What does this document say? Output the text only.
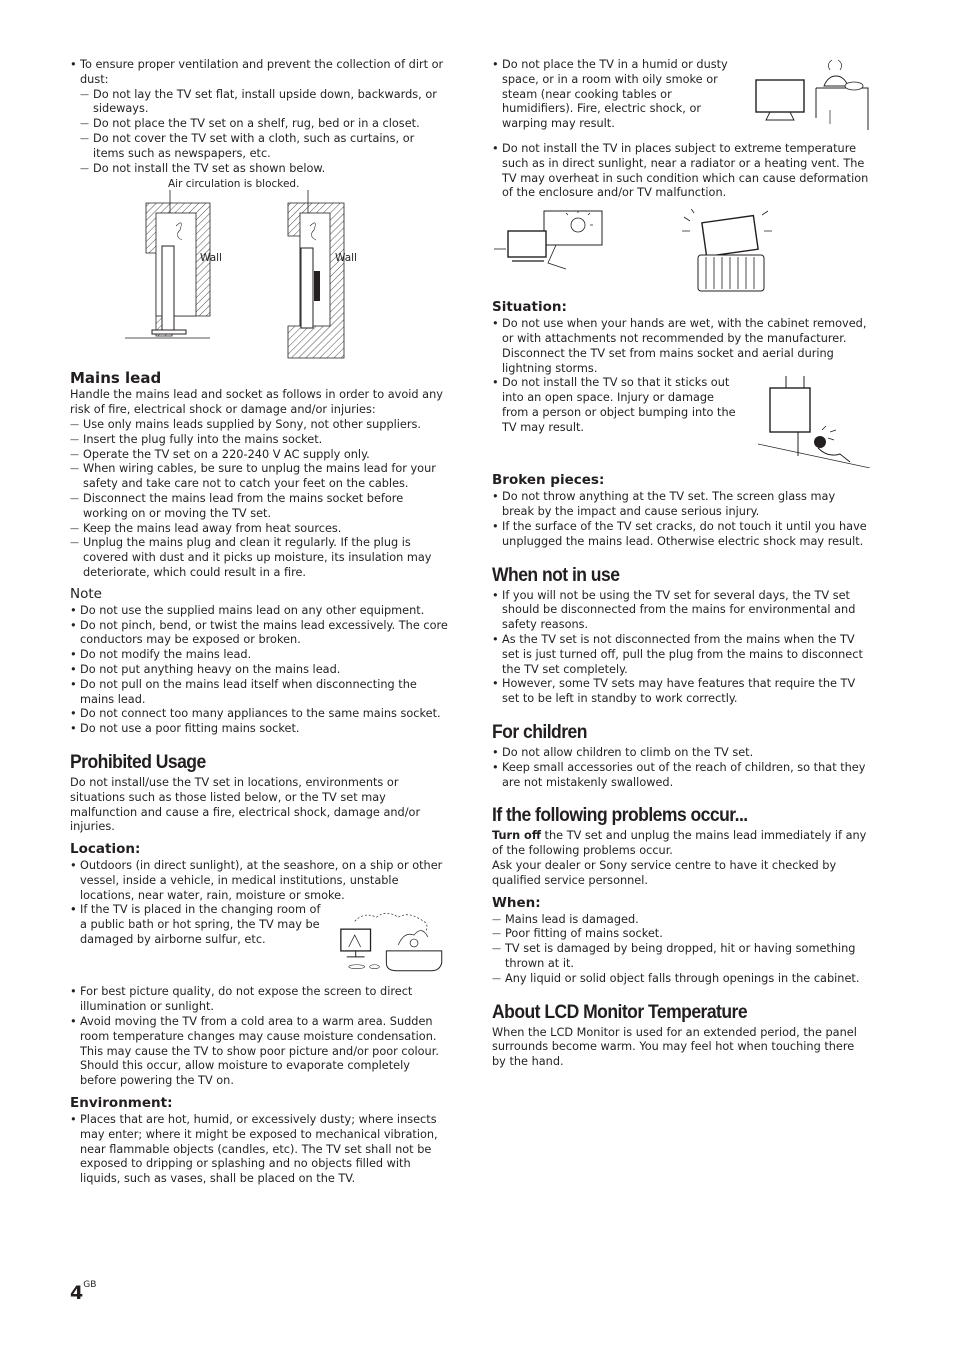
• To ensure proper ventilation and prevent the collection of dirt or dust:
— Do not lay the TV set flat, install upside down, backwards, or sideways.
— Do not place the TV set on a shelf, rug, bed or in a closet.
— Do not cover the TV set with a cloth, such as curtains, or items such as newspapers, etc.
— Do not install the TV set as shown below.
Air circulation is blocked.
Wall	Wall
Mains lead

Handle the mains lead and socket as follows in order to avoid any risk of fire, electrical shock or damage and/or injuries:

— Use only mains leads supplied by Sony, not other suppliers.
— Insert the plug fully into the mains socket.
— Operate the TV set on a 220-240 V AC supply only.
— When wiring cables, be sure to unplug the mains lead for your safety and take care not to catch your feet on the cables.
— Disconnect the mains lead from the mains socket before working on or moving the TV set.
— Keep the mains lead away from heat sources.
— Unplug the mains plug and clean it regularly. If the plug is covered with dust and it picks up moisture, its insulation may deteriorate, which could result in a fire.
Note
• Do not use the supplied mains lead on any other equipment.
• Do not pinch, bend, or twist the mains lead excessively. The core conductors may be exposed or broken.
• Do not modify the mains lead.
• Do not put anything heavy on the mains lead.
• Do not pull on the mains lead itself when disconnecting the mains lead.
• Do not connect too many appliances to the same mains socket.
• Do not use a poor fitting mains socket.
Prohibited Usage

Do not install/use the TV set in locations, environments or situations such as those listed below, or the TV set may malfunction and cause a fire, electrical shock, damage and/or injuries.

Location:
• Outdoors (in direct sunlight), at the seashore, on a ship or other vessel, inside a vehicle, in medical institutions, unstable locations, near water, rain, moisture or smoke.
• • If the TV is placed in the changing room of a public bath or hot spring, the TV may be damaged by airborne sulfur, etc.
• For best picture quality, do not expose the screen to direct illumination or sunlight.
• Avoid moving the TV from a cold area to a warm area. Sudden room temperature changes may cause moisture condensation. This may cause the TV to show poor picture and/or poor colour. Should this occur, allow moisture to evaporate completely before powering the TV on.
Environment:
• Places that are hot, humid, or excessively dusty; where insects may enter; where it might be exposed to mechanical vibration, near flammable objects (candles, etc). The TV set shall not be exposed to dripping or splashing and no objects filled with liquids, such as vases, shall be placed on the TV.
• Do not place the TV in a humid or dusty space, or in a room with oily smoke or steam (near cooking tables or humidifiers). Fire, electric shock, or warping may result.
• Do not install the TV in places subject to extreme temperature such as in direct sunlight, near a radiator or a heating vent. The TV may overheat in such condition which can cause deformation of the enclosure and/or TV malfunction.
Situation:
• Do not use when your hands are wet, with the cabinet removed, or with attachments not recommended by the manufacturer. Disconnect the TV set from mains socket and aerial during lightning storms.
• Do not install the TV so that it sticks out into an open space. Injury or damage from a person or object bumping into the TV may result.
Broken pieces:
• Do not throw anything at the TV set. The screen glass may break by the impact and cause serious injury.
• If the surface of the TV set cracks, do not touch it until you have unplugged the mains lead. Otherwise electric shock may result.
When not in use
• If you will not be using the TV set for several days, the TV set should be disconnected from the mains for environmental and safety reasons.
• As the TV set is not disconnected from the mains when the TV set is just turned off, pull the plug from the mains to disconnect the TV set completely.
• However, some TV sets may have features that require the TV set to be left in standby to work correctly.
For children
• Do not allow children to climb on the TV set.
• Keep small accessories out of the reach of children, so that they are not mistakenly swallowed.
If the following problems occur...

Turn off the TV set and unplug the mains lead immediately if any of the following problems occur.

Ask your dealer or Sony service centre to have it checked by qualified service personnel.

When:
— Mains lead is damaged.
— Poor fitting of mains socket.
— TV set is damaged by being dropped, hit or having something thrown at it.
— Any liquid or solid object falls through openings in the cabinet.
About LCD Monitor Temperature

When the LCD Monitor is used for an extended period, the panel surrounds become warm. You may feel hot when touching there by the hand.

$4^{GB}$
